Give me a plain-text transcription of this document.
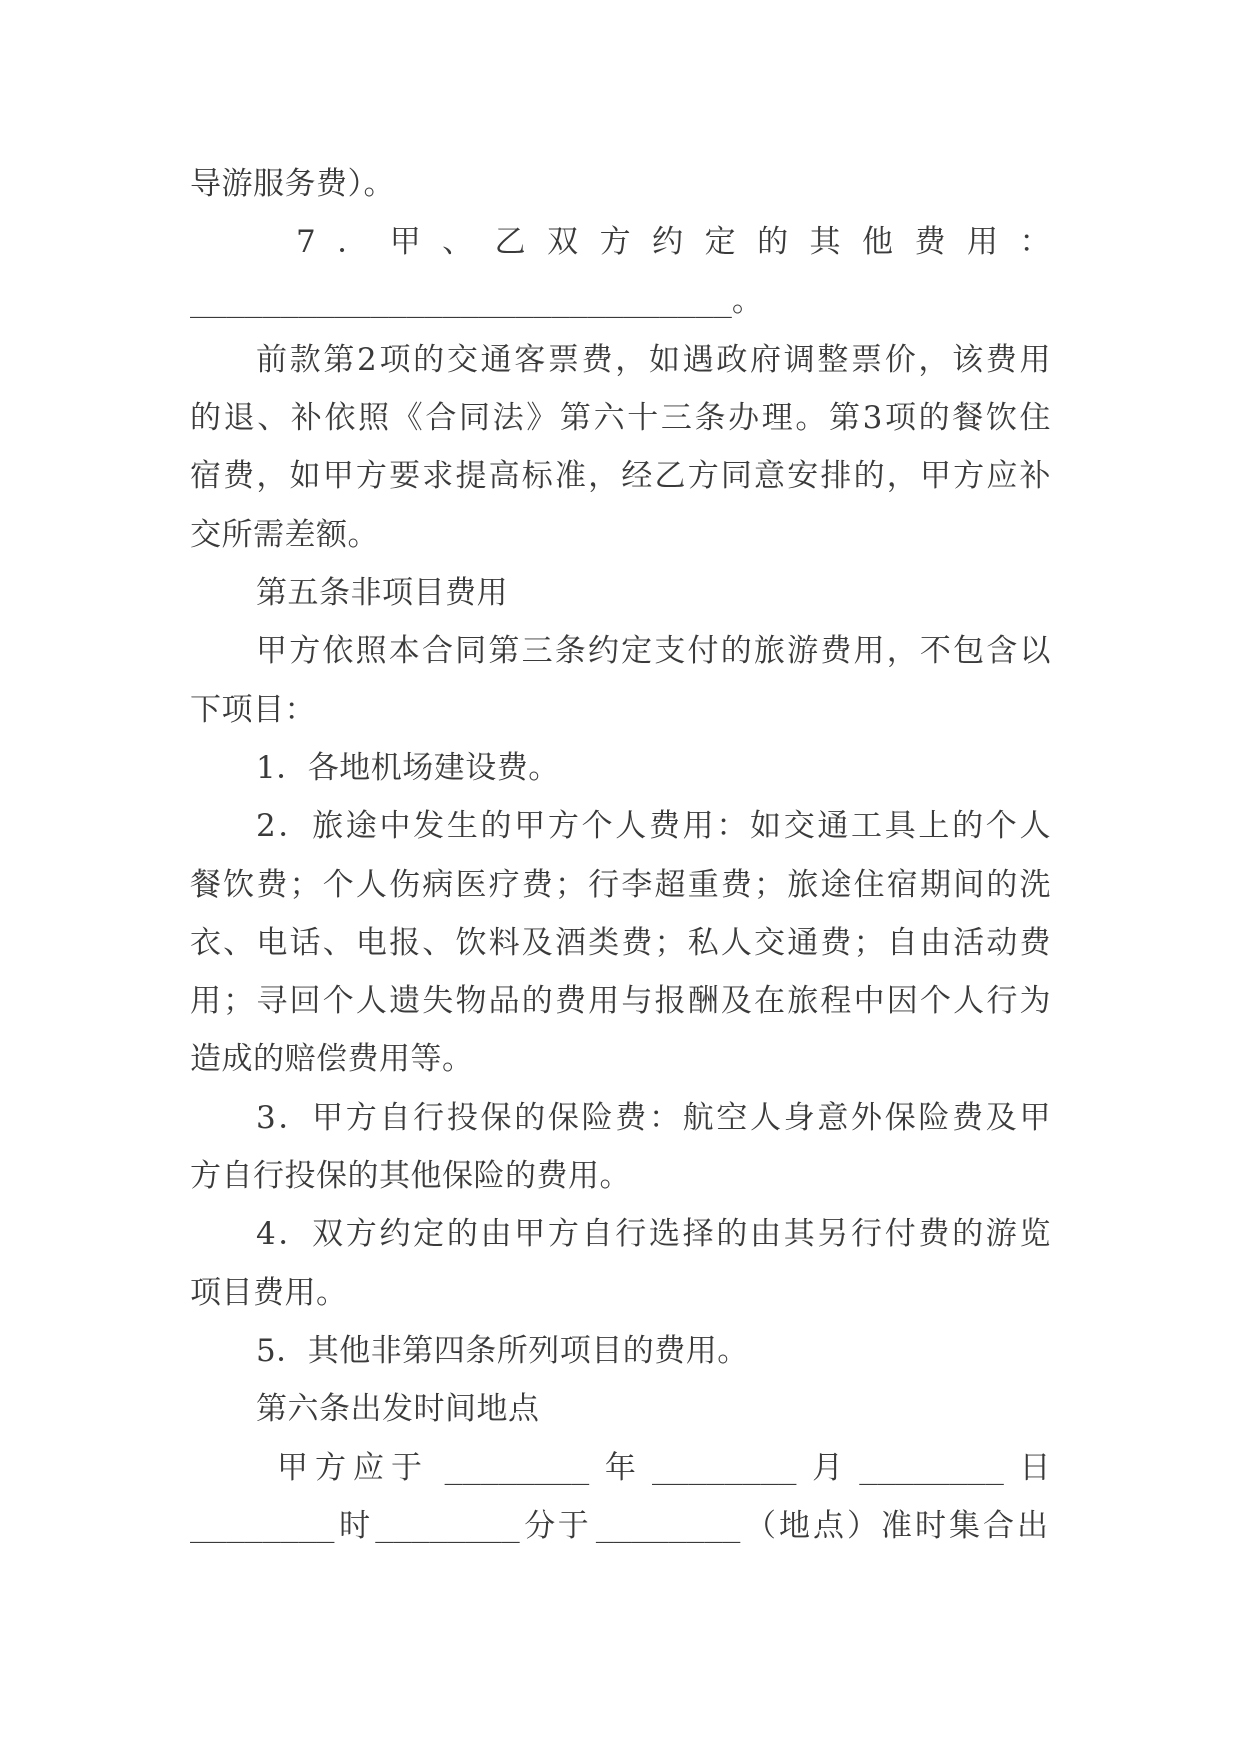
导游服务费）。
7．甲、乙双方约定的其他费用：
______________________________。
前款第2项的交通客票费，如遇政府调整票价，该费用
的退、补依照《合同法》第六十三条办理。第3项的餐饮住
宿费，如甲方要求提高标准，经乙方同意安排的，甲方应补
交所需差额。
第五条非项目费用
甲方依照本合同第三条约定支付的旅游费用，不包含以
下项目：
1．各地机场建设费。
2．旅途中发生的甲方个人费用：如交通工具上的个人
餐饮费；个人伤病医疗费；行李超重费；旅途住宿期间的洗
衣、电话、电报、饮料及酒类费；私人交通费；自由活动费
用；寻回个人遗失物品的费用与报酬及在旅程中因个人行为
造成的赔偿费用等。
3．甲方自行投保的保险费：航空人身意外保险费及甲
方自行投保的其他保险的费用。
4．双方约定的由甲方自行选择的由其另行付费的游览
项目费用。
5．其他非第四条所列项目的费用。
第六条出发时间地点
甲方应于 ________ 年 ________ 月 ________ 日
________ 时 ________ 分于 ________ （地点）准时集合出
